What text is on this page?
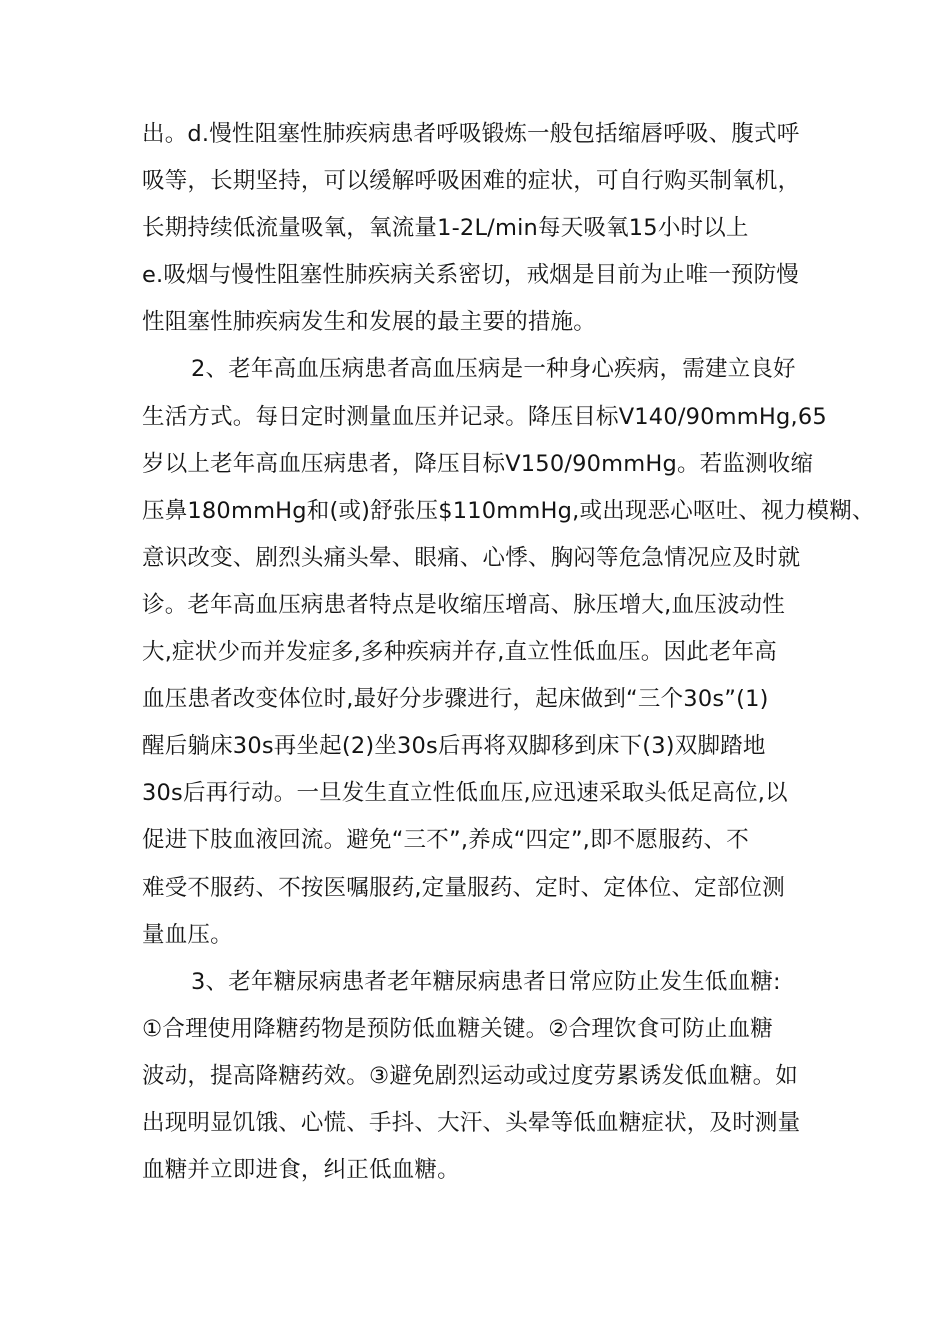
出。d.慢性阻塞性肺疾病患者呼吸锻炼一般包括缩唇呼吸、腹式呼
吸等，长期坚持，可以缓解呼吸困难的症状，可自行购买制氧机，
长期持续低流量吸氧，氧流量1-2L/min每天吸氧15小时以上
e.吸烟与慢性阻塞性肺疾病关系密切，戒烟是目前为止唯一预防慢
性阻塞性肺疾病发生和发展的最主要的措施。
2、老年高血压病患者高血压病是一种身心疾病，需建立良好
生活方式。每日定时测量血压并记录。降压目标V140/90mmHg,65
岁以上老年高血压病患者，降压目标V150/90mmHg。若监测收缩
压鼻180mmHg和(或)舒张压$110mmHg,或出现恶心呕吐、视力模糊、
意识改变、剧烈头痛头晕、眼痛、心悸、胸闷等危急情况应及时就
诊。老年高血压病患者特点是收缩压增高、脉压增大,血压波动性
大,症状少而并发症多,多种疾病并存,直立性低血压。因此老年高
血压患者改变体位时,最好分步骤进行，起床做到“三个30s”(1)
醒后躺床30s再坐起(2)坐30s后再将双脚移到床下(3)双脚踏地
30s后再行动。一旦发生直立性低血压,应迅速采取头低足高位,以
促进下肢血液回流。避免“三不”,养成“四定”,即不愿服药、不
难受不服药、不按医嘱服药,定量服药、定时、定体位、定部位测
量血压。
3、老年糖尿病患者老年糖尿病患者日常应防止发生低血糖:
①合理使用降糖药物是预防低血糖关键。②合理饮食可防止血糖
波动，提高降糖药效。③避免剧烈运动或过度劳累诱发低血糖。如
出现明显饥饿、心慌、手抖、大汗、头晕等低血糖症状，及时测量
血糖并立即进食，纠正低血糖。
